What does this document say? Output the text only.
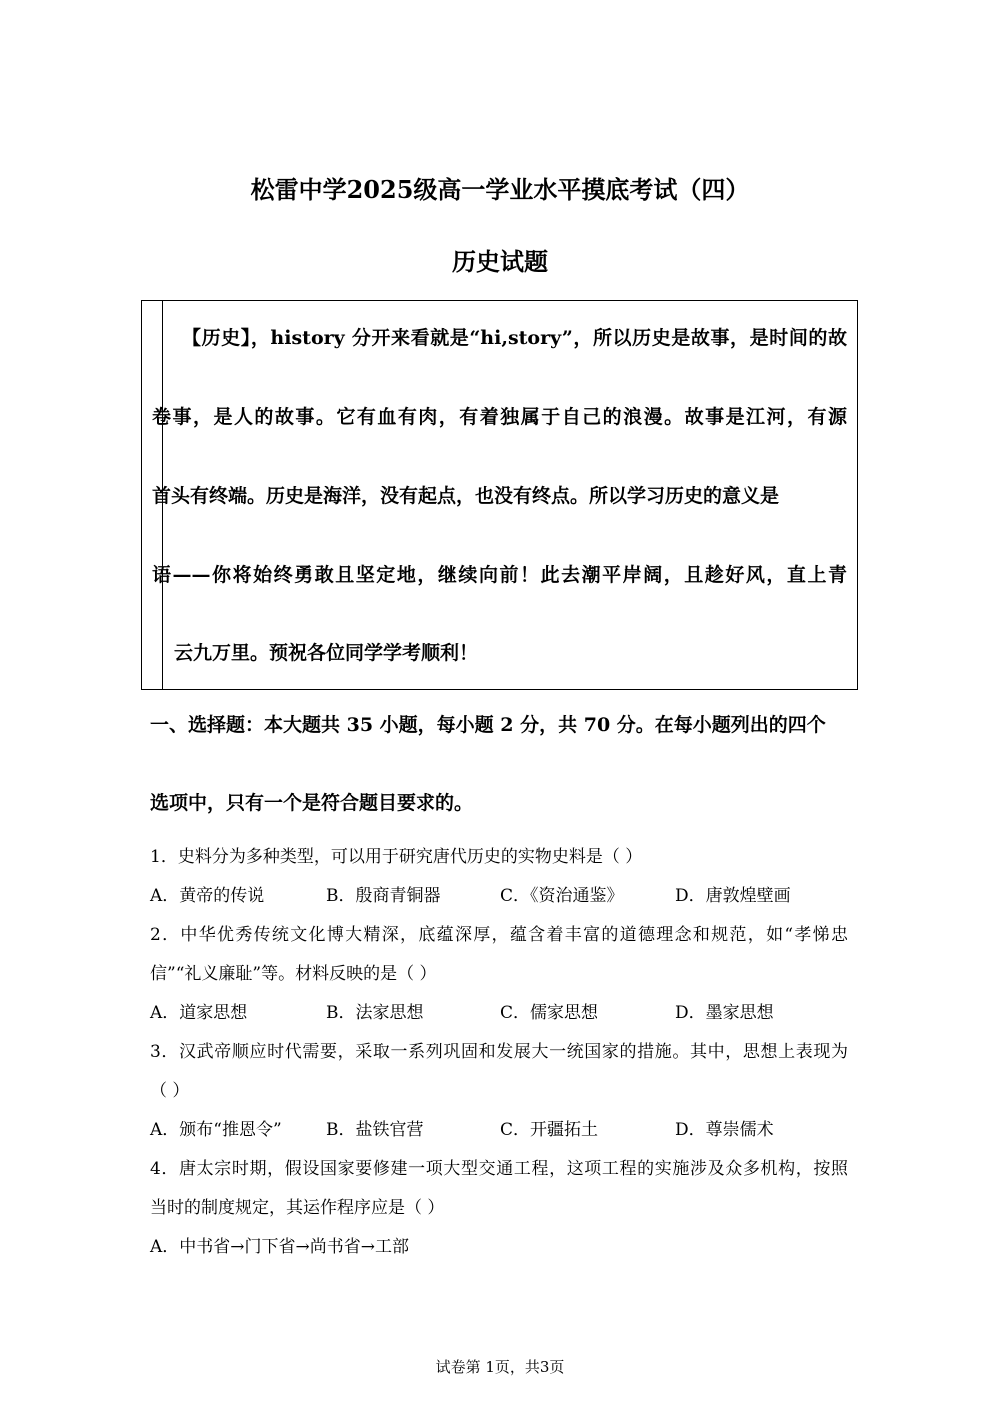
松雷中学2025级高一学业水平摸底考试（四）
历史试题
【历史】，history 分开来看就是“hi,story”，所以历史是故事，是时间的故
卷事，是人的故事。它有血有肉，有着独属于自己的浪漫。故事是江河，有源
首头有终端。历史是海洋，没有起点，也没有终点。所以学习历史的意义是
语——你将始终勇敢且坚定地，继续向前！此去潮平岸阔，且趁好风，直上青
云九万里。预祝各位同学学考顺利！
一、选择题：本大题共 35 小题，每小题 2 分，共 70 分。在每小题列出的四个
选项中，只有一个是符合题目要求的。
1．史料分为多种类型，可以用于研究唐代历史的实物史料是（ ）
A．黄帝的传说	B．殷商青铜器	C．《资治通鉴》	D．唐敦煌壁画
2．中华优秀传统文化博大精深，底蕴深厚，蕴含着丰富的道德理念和规范，如“孝悌忠
信”“礼义廉耻”等。材料反映的是（ ）
A．道家思想	B．法家思想	C．儒家思想	D．墨家思想
3．汉武帝顺应时代需要，采取一系列巩固和发展大一统国家的措施。其中，思想上表现为
（ ）
A．颁布“推恩令”	B．盐铁官营	C．开疆拓土	D．尊崇儒术
4．唐太宗时期，假设国家要修建一项大型交通工程，这项工程的实施涉及众多机构，按照
当时的制度规定，其运作程序应是（ ）
A．中书省→门下省→尚书省→工部
试卷第 1页，共3页
